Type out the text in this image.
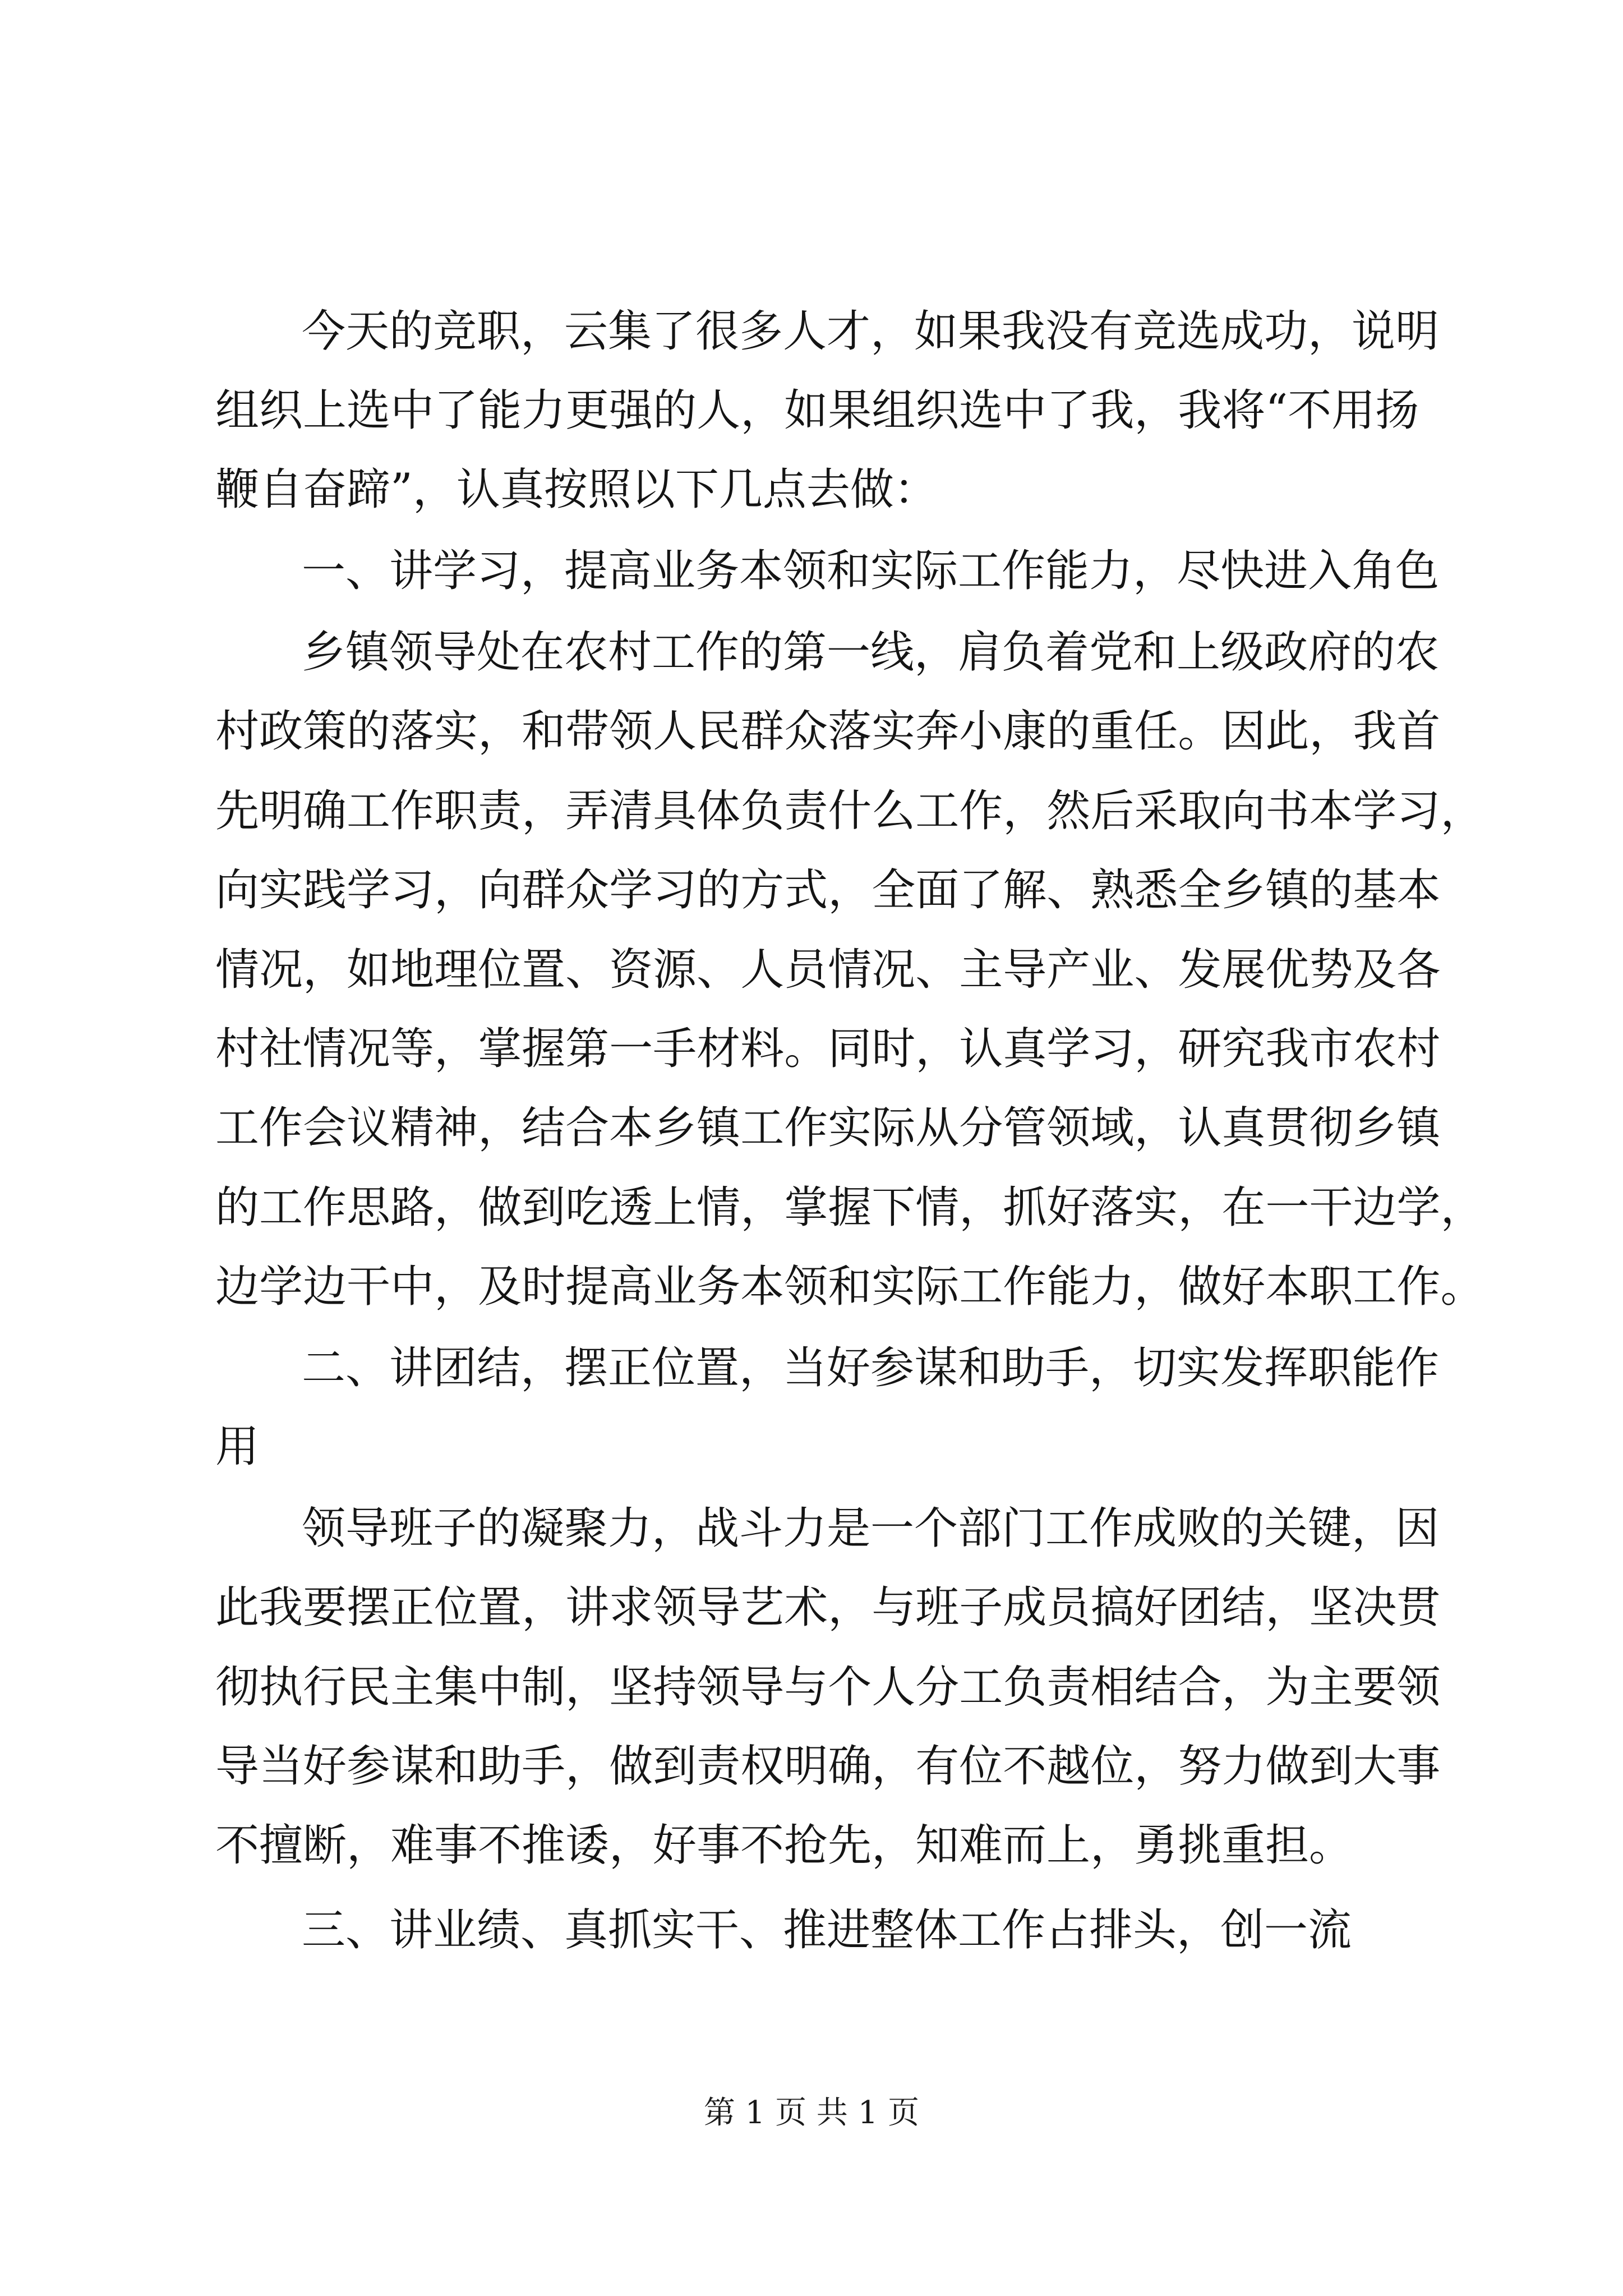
今天的竞职，云集了很多人才，如果我没有竞选成功，说明
组 织 上 选 中 了 能 力 更 强 的 人 ， 如 果 组 织 选 中 了 我 ， 我 将 “ 不 用 扬
鞭自奋蹄”，认真按照以下几点去做：
一、讲学习，提高业务本领和实际工作能力，尽快进入角色
乡镇领导处在农村工作的第一线，肩负着党和上级政府的农
村 政 策 的 落 实 ， 和 带 领 人 民 群 众 落 实 奔 小 康 的 重 任 。 因 此 ， 我 首
先 明 确 工 作 职 责 ， 弄 清 具 体 负 责 什 么 工 作 ， 然 后 采 取 向 书 本 学 习 ，
向 实 践 学 习 ， 向 群 众 学 习 的 方 式 ， 全 面 了 解 、 熟 悉 全 乡 镇 的 基 本
情 况 ， 如 地 理 位 置 、 资 源 、 人 员 情 况 、 主 导 产 业 、 发 展 优 势 及 各
村 社 情 况 等 ， 掌 握 第 一 手 材 料 。 同 时 ， 认 真 学 习 ， 研 究 我 市 农 村
工 作 会 议 精 神 ， 结 合 本 乡 镇 工 作 实 际 从 分 管 领 域 ， 认 真 贯 彻 乡 镇
的 工 作 思 路 ， 做 到 吃 透 上 情 ， 掌 握 下 情 ， 抓 好 落 实 ， 在 一 干 边 学 ，
边 学 边 干 中 ， 及 时 提 高 业 务 本 领 和 实 际 工 作 能 力 ， 做 好 本 职 工 作 。
二、讲团结，摆正位置，当好参谋和助手，切实发挥职能作
用
领导班子的凝聚力，战斗力是一个部门工作成败的关键，因
此 我 要 摆 正 位 置 ， 讲 求 领 导 艺 术 ， 与 班 子 成 员 搞 好 团 结 ， 坚 决 贯
彻 执 行 民 主 集 中 制 ， 坚 持 领 导 与 个 人 分 工 负 责 相 结 合 ， 为 主 要 领
导 当 好 参 谋 和 助 手 ， 做 到 责 权 明 确 ， 有 位 不 越 位 ， 努 力 做 到 大 事
不擅断，难事不推诿，好事不抢先，知难而上，勇挑重担。
三、讲业绩、真抓实干、推进整体工作占排头，创一流
第 1 页 共 1 页
